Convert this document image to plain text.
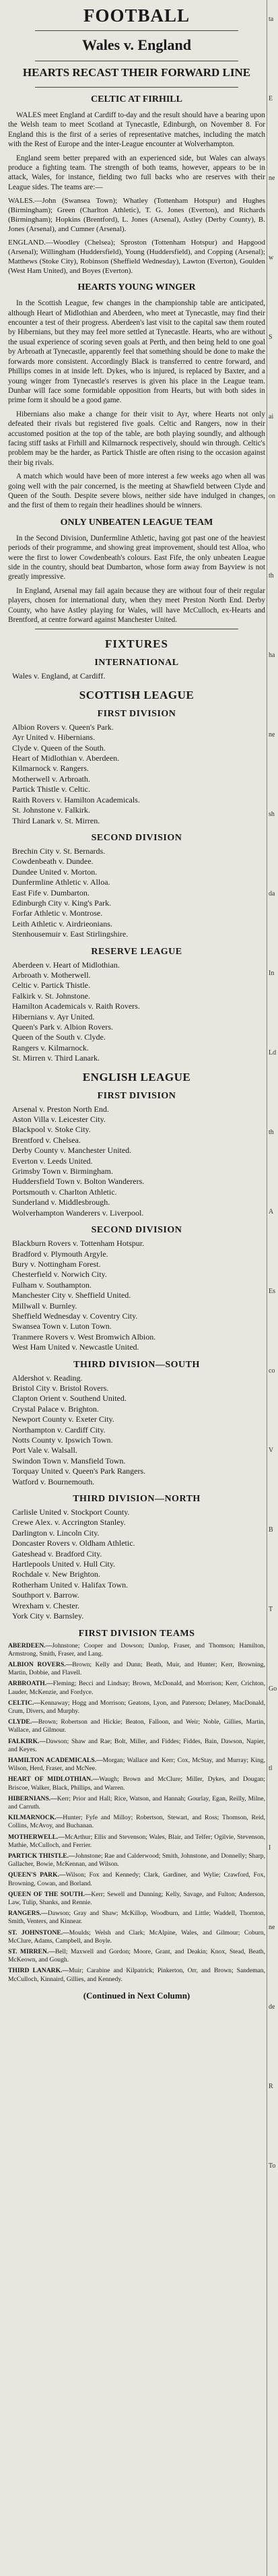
FOOTBALL
Wales v. England
HEARTS RECAST THEIR FORWARD LINE
CELTIC AT FIRHILL

WALES meet England at Cardiff to-day and the result should have a bearing upon the Welsh team to meet Scotland at Tynecastle, Edinburgh, on November 8. For England this is the first of a series of representative matches, including the match with the Rest of Europe and the inter-League encounter at Wolverhampton.

England seem better prepared with an experienced side, but Wales can always produce a fighting team. The strength of both teams, however, appears to be in attack, Wales, for instance, fielding two full backs who are reserves with their League sides. The teams are:—

WALES.—John (Swansea Town); Whatley (Tottenham Hotspur) and Hughes (Birmingham); Green (Charlton Athletic), T. G. Jones (Everton), and Richards (Birmingham); Hopkins (Brentford), L. Jones (Arsenal), Astley (Derby County), B. Jones (Arsenal), and Cumner (Arsenal).

ENGLAND.—Woodley (Chelsea); Sproston (Tottenham Hotspur) and Hapgood (Arsenal); Willingham (Huddersfield), Young (Huddersfield), and Copping (Arsenal); Matthews (Stoke City), Robinson (Sheffield Wednesday), Lawton (Everton), Goulden (West Ham United), and Boyes (Everton).

HEARTS YOUNG WINGER

In the Scottish League, few changes in the championship table are anticipated, although Heart of Midlothian and Aberdeen, who meet at Tynecastle, may find their encounter a test of their progress. Aberdeen's last visit to the capital saw them routed by Hibernians, but they may feel more settled at Tynecastle. Hearts, who are without the usual experience of scoring seven goals at Perth, and then being held to one goal by Arbroath at Tynecastle, apparently feel that something should be done to make the forwards more consistent. Accordingly Black is transferred to centre forward, and Phillips comes in at inside left. Dykes, who is injured, is replaced by Baxter, and a young winger from Tynecastle's reserves is given his place in the League team. Dunbar will face some formidable opposition from Hearts, but with both sides in prime form it should be a good game.

Hibernians also make a change for their visit to Ayr, where Hearts not only defeated their rivals but registered five goals. Celtic and Rangers, now in their accustomed position at the top of the table, are both playing soundly, and although facing stiff tasks at Firhill and Kilmarnock respectively, should win through. Celtic's problem may be the harder, as Partick Thistle are often rising to the occasion against their big rivals.

A match which would have been of more interest a few weeks ago when all was going well with the pair concerned, is the meeting at Shawfield between Clyde and Queen of the South. Despite severe blows, neither side have indulged in changes, and the first of them to regain their headlines should be winners.

ONLY UNBEATEN LEAGUE TEAM

In the Second Division, Dunfermline Athletic, having got past one of the heaviest periods of their programme, and showing great improvement, should test Alloa, who were the first to lower Cowdenbeath's colours. East Fife, the only unbeaten League side in the country, should beat Dumbarton, whose form away from Bayview is not greatly impressive.

In England, Arsenal may fail again because they are without four of their regular players, chosen for international duty, when they meet Preston North End. Derby County, who have Astley playing for Wales, will have McCulloch, ex-Hearts and Brentford, at centre forward against Manchester United.

FIXTURES
INTERNATIONAL
Wales v. England, at Cardiff.
SCOTTISH LEAGUE
FIRST DIVISION
Albion Rovers v. Queen's Park.
Ayr United v. Hibernians.
Clyde v. Queen of the South.
Heart of Midlothian v. Aberdeen.
Kilmarnock v. Rangers.
Motherwell v. Arbroath.
Partick Thistle v. Celtic.
Raith Rovers v. Hamilton Academicals.
St. Johnstone v. Falkirk.
Third Lanark v. St. Mirren.
SECOND DIVISION
Brechin City v. St. Bernards.
Cowdenbeath v. Dundee.
Dundee United v. Morton.
Dunfermline Athletic v. Alloa.
East Fife v. Dumbarton.
Edinburgh City v. King's Park.
Forfar Athletic v. Montrose.
Leith Athletic v. Airdrieonians.
Stenhousemuir v. East Stirlingshire.
RESERVE LEAGUE
Aberdeen v. Heart of Midlothian.
Arbroath v. Motherwell.
Celtic v. Partick Thistle.
Falkirk v. St. Johnstone.
Hamilton Academicals v. Raith Rovers.
Hibernians v. Ayr United.
Queen's Park v. Albion Rovers.
Queen of the South v. Clyde.
Rangers v. Kilmarnock.
St. Mirren v. Third Lanark.
ENGLISH LEAGUE
FIRST DIVISION
Arsenal v. Preston North End.
Aston Villa v. Leicester City.
Blackpool v. Stoke City.
Brentford v. Chelsea.
Derby County v. Manchester United.
Everton v. Leeds United.
Grimsby Town v. Birmingham.
Huddersfield Town v. Bolton Wanderers.
Portsmouth v. Charlton Athletic.
Sunderland v. Middlesbrough.
Wolverhampton Wanderers v. Liverpool.
SECOND DIVISION
Blackburn Rovers v. Tottenham Hotspur.
Bradford v. Plymouth Argyle.
Bury v. Nottingham Forest.
Chesterfield v. Norwich City.
Fulham v. Southampton.
Manchester City v. Sheffield United.
Millwall v. Burnley.
Sheffield Wednesday v. Coventry City.
Swansea Town v. Luton Town.
Tranmere Rovers v. West Bromwich Albion.
West Ham United v. Newcastle United.
THIRD DIVISION—SOUTH
Aldershot v. Reading.
Bristol City v. Bristol Rovers.
Clapton Orient v. Southend United.
Crystal Palace v. Brighton.
Newport County v. Exeter City.
Northampton v. Cardiff City.
Notts County v. Ipswich Town.
Port Vale v. Walsall.
Swindon Town v. Mansfield Town.
Torquay United v. Queen's Park Rangers.
Watford v. Bournemouth.
THIRD DIVISION—NORTH
Carlisle United v. Stockport County.
Crewe Alex. v. Accrington Stanley.
Darlington v. Lincoln City.
Doncaster Rovers v. Oldham Athletic.
Gateshead v. Bradford City.
Hartlepools United v. Hull City.
Rochdale v. New Brighton.
Rotherham United v. Halifax Town.
Southport v. Barrow.
Wrexham v. Chester.
York City v. Barnsley.
FIRST DIVISION TEAMS

ABERDEEN.—Johnstone; Cooper and Dowson; Dunlop, Fraser, and Thomson; Hamilton, Armstrong, Smith, Fraser, and Lang.

ALBION ROVERS.—Brown; Kelly and Dunn; Beath, Muir, and Hunter; Kerr, Browning, Martin, Dobbie, and Flavell.

ARBROATH.—Fleming; Becci and Lindsay; Brown, McDonald, and Morrison; Kerr, Crichton, Lauder, McKenzie, and Fordyce.

CELTIC.—Kennaway; Hogg and Morrison; Geatons, Lyon, and Paterson; Delaney, MacDonald, Crum, Divers, and Murphy.

CLYDE.—Brown; Robertson and Hickie; Beaton, Falloon, and Weir; Noble, Gillies, Martin, Wallace, and Gilmour.

FALKIRK.—Dawson; Shaw and Rae; Bolt, Miller, and Fiddes; Fiddes, Bain, Dawson, Napier, and Keyes.

HAMILTON ACADEMICALS.—Morgan; Wallace and Kerr; Cox, McStay, and Murray; King, Wilson, Herd, Fraser, and McNee.

HEART OF MIDLOTHIAN.—Waugh; Brown and McClure; Miller, Dykes, and Dougan; Briscoe, Walker, Black, Phillips, and Warren.

HIBERNIANS.—Kerr; Prior and Hall; Rice, Watson, and Hannah; Gourlay, Egan, Reilly, Milne, and Carruth.

KILMARNOCK.—Hunter; Fyfe and Milloy; Robertson, Stewart, and Ross; Thomson, Reid, Collins, McAvoy, and Buchanan.

MOTHERWELL.—McArthur; Ellis and Stevenson; Wales, Blair, and Telfer; Ogilvie, Stevenson, Mathie, McCulloch, and Ferrier.

PARTICK THISTLE.—Johnstone; Rae and Calderwood; Smith, Johnstone, and Donnelly; Sharp, Gallacher, Bowie, McKennan, and Wilson.

QUEEN'S PARK.—Wilson; Fox and Kennedy; Clark, Gardiner, and Wylie; Crawford, Fox, Browning, Cowan, and Borland.

QUEEN OF THE SOUTH.—Kerr; Sewell and Dunning; Kelly, Savage, and Fulton; Anderson, Law, Tulip, Shanks, and Rennie.

RANGERS.—Dawson; Gray and Shaw; McKillop, Woodburn, and Little; Waddell, Thornton, Smith, Venters, and Kinnear.

ST. JOHNSTONE.—Moulds; Welsh and Clark; McAlpine, Wales, and Gilmour; Coburn, McClure, Adams, Campbell, and Boyle.

ST. MIRREN.—Bell; Maxwell and Gordon; Moore, Grant, and Deakin; Knox, Stead, Beath, McKeown, and Gough.

THIRD LANARK.—Muir; Carabine and Kilpatrick; Pinkerton, Orr, and Brown; Sandeman, McCulloch, Kinnaird, Gillies, and Kennedy.

(Continued in Next Column)
ta
E
ne
w
S
ai
on
th
ha
ne
sh
da
In
Ld
th
A
Es
co
V
B
T
Go
tl
I
ne
de
R
To
